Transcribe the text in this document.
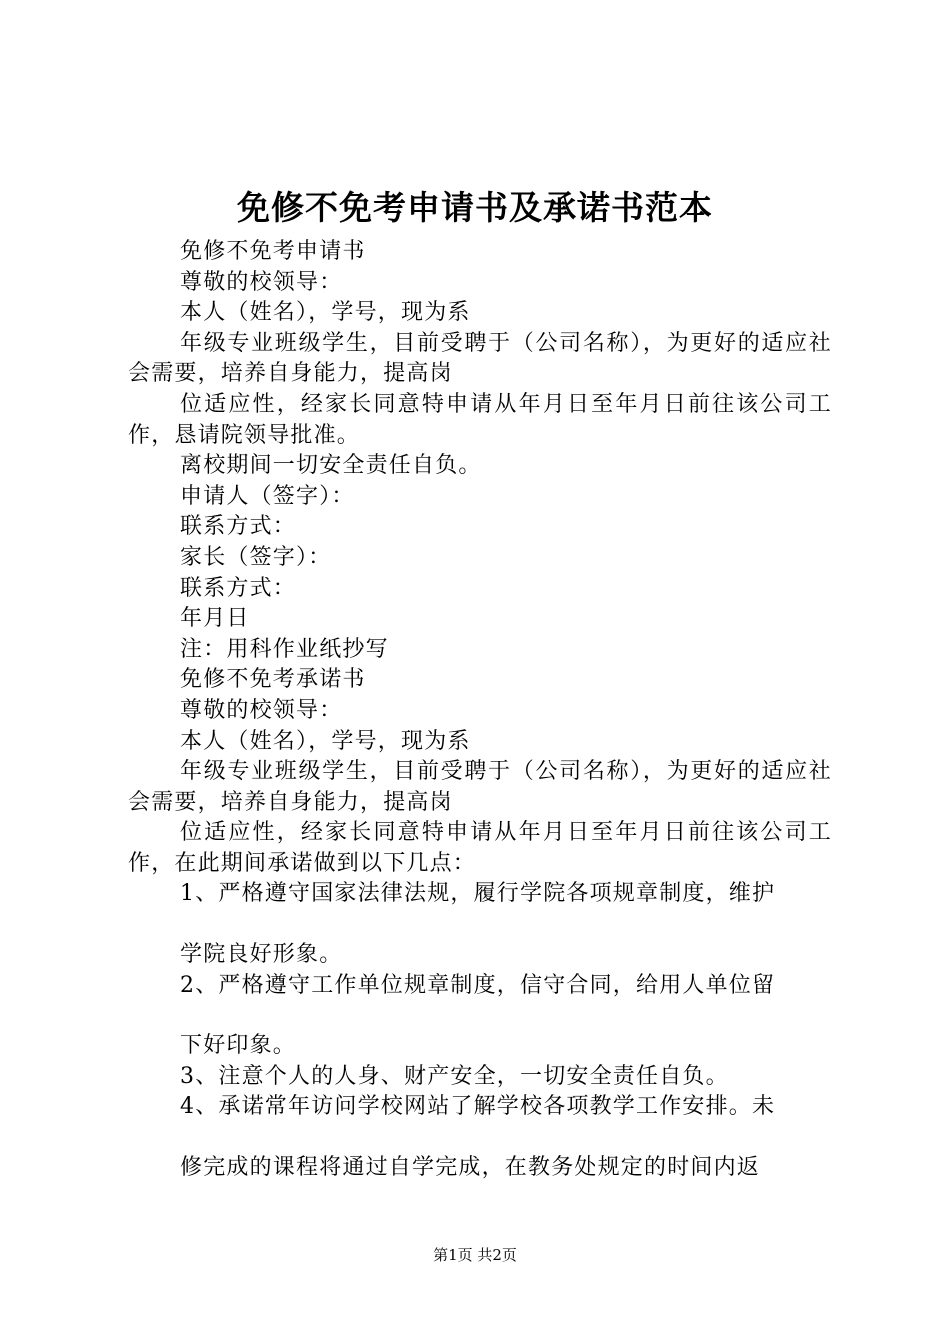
免修不免考申请书及承诺书范本

免修不免考申请书

尊敬的校领导：

本人（姓名），学号，现为系

年级专业班级学生，目前受聘于（公司名称），为更好的适应社会需要，培养自身能力，提高岗

位适应性，经家长同意特申请从年月日至年月日前往该公司工作，恳请院领导批准。

离校期间一切安全责任自负。

申请人（签字）：

联系方式：

家长（签字）：

联系方式：

年月日

注：用科作业纸抄写

免修不免考承诺书

尊敬的校领导：

本人（姓名），学号，现为系

年级专业班级学生，目前受聘于（公司名称），为更好的适应社会需要，培养自身能力，提高岗

位适应性，经家长同意特申请从年月日至年月日前往该公司工作，在此期间承诺做到以下几点：

1、严格遵守国家法律法规，履行学院各项规章制度，维护

学院良好形象。

2、严格遵守工作单位规章制度，信守合同，给用人单位留

下好印象。

3、注意个人的人身、财产安全，一切安全责任自负。

4、承诺常年访问学校网站了解学校各项教学工作安排。未

修完成的课程将通过自学完成，在教务处规定的时间内返

第1页 共2页
